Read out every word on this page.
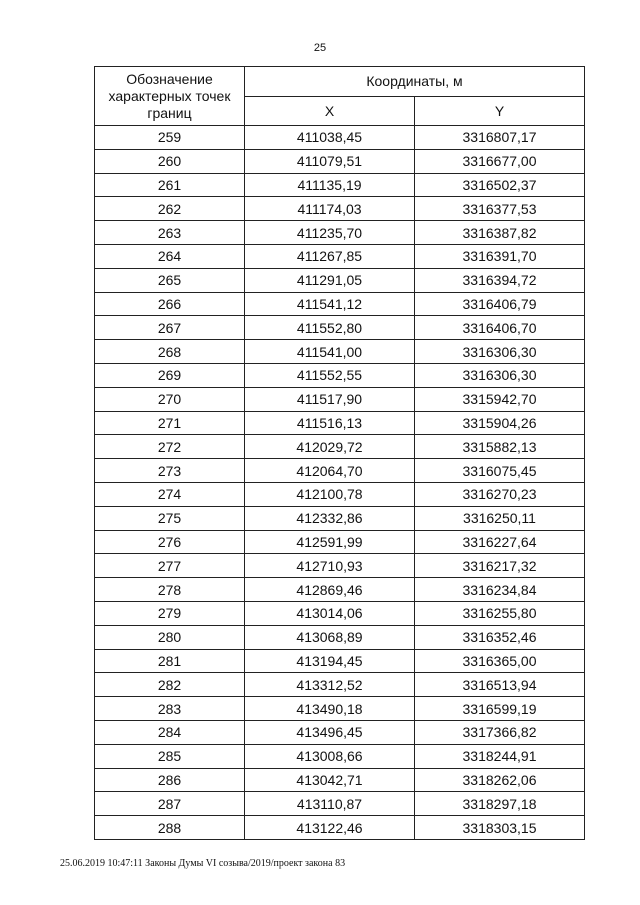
25
Обозначение характерных точек границ	Координаты, м	
	X	Y
259	411038,45	3316807,17
260	411079,51	3316677,00
261	411135,19	3316502,37
262	411174,03	3316377,53
263	411235,70	3316387,82
264	411267,85	3316391,70
265	411291,05	3316394,72
266	411541,12	3316406,79
267	411552,80	3316406,70
268	411541,00	3316306,30
269	411552,55	3316306,30
270	411517,90	3315942,70
271	411516,13	3315904,26
272	412029,72	3315882,13
273	412064,70	3316075,45
274	412100,78	3316270,23
275	412332,86	3316250,11
276	412591,99	3316227,64
277	412710,93	3316217,32
278	412869,46	3316234,84
279	413014,06	3316255,80
280	413068,89	3316352,46
281	413194,45	3316365,00
282	413312,52	3316513,94
283	413490,18	3316599,19
284	413496,45	3317366,82
285	413008,66	3318244,91
286	413042,71	3318262,06
287	413110,87	3318297,18
288	413122,46	3318303,15
25.06.2019 10:47:11 Законы Думы VI созыва/2019/проект закона 83
